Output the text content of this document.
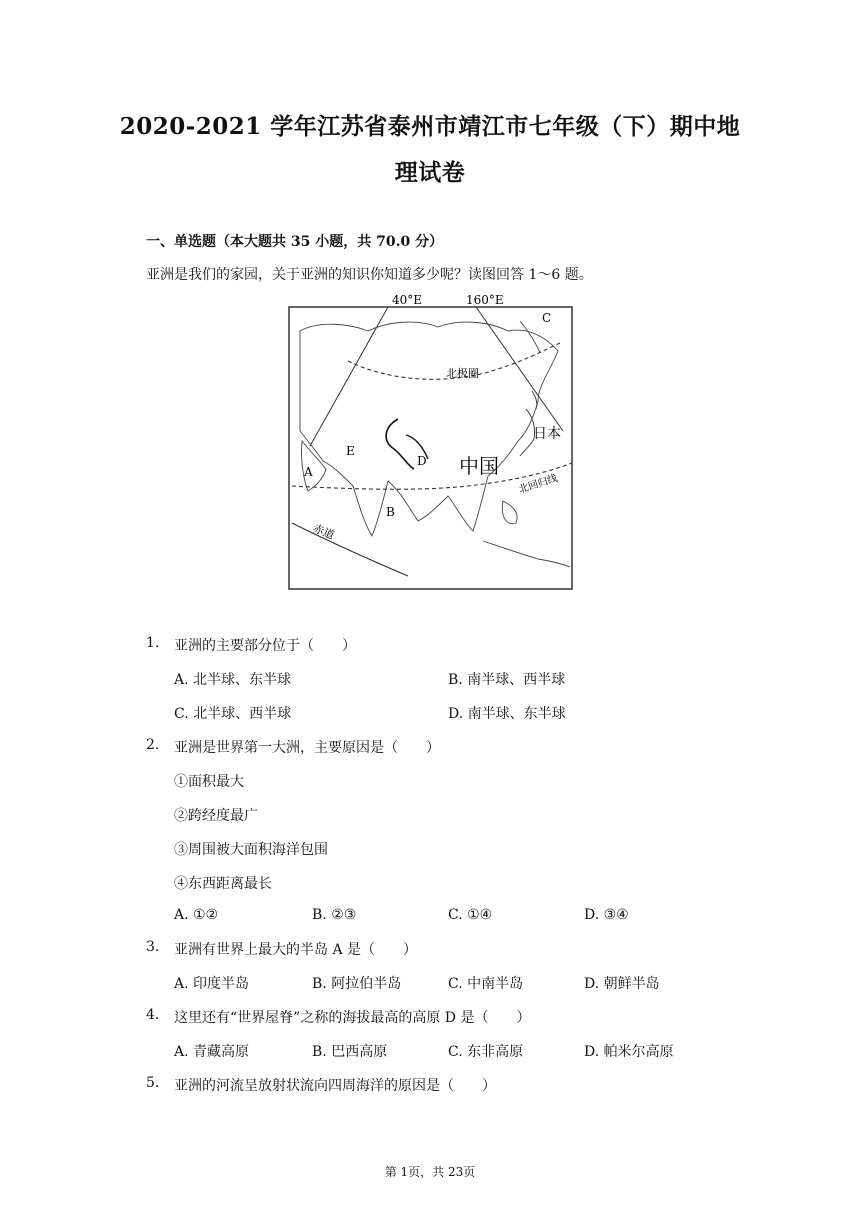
2020-2021 学年江苏省泰州市靖江市七年级（下）期中地
理试卷
一、单选题（本大题共 35 小题，共 70.0 分）
亚洲是我们的家园，关于亚洲的知识你知道多少呢？读图回答 1～6 题。
40°E	160°E
北极圈
日本
中国
北回归线
赤道
A
B
C
D
E
1. 亚洲的主要部分位于（　　）
A. 北半球、东半球	B. 南半球、西半球
C. 北半球、西半球	D. 南半球、东半球
2. 亚洲是世界第一大洲，主要原因是（　　）
①面积最大
②跨经度最广
③周围被大面积海洋包围
④东西距离最长
A. ①②	B. ②③	C. ①④	D. ③④
3. 亚洲有世界上最大的半岛 A 是（　　）
A. 印度半岛	B. 阿拉伯半岛	C. 中南半岛	D. 朝鲜半岛
4. 这里还有“世界屋脊”之称的海拔最高的高原 D 是（　　）
A. 青藏高原	B. 巴西高原	C. 东非高原	D. 帕米尔高原
5. 亚洲的河流呈放射状流向四周海洋的原因是（　　）
第 1页，共 23页
